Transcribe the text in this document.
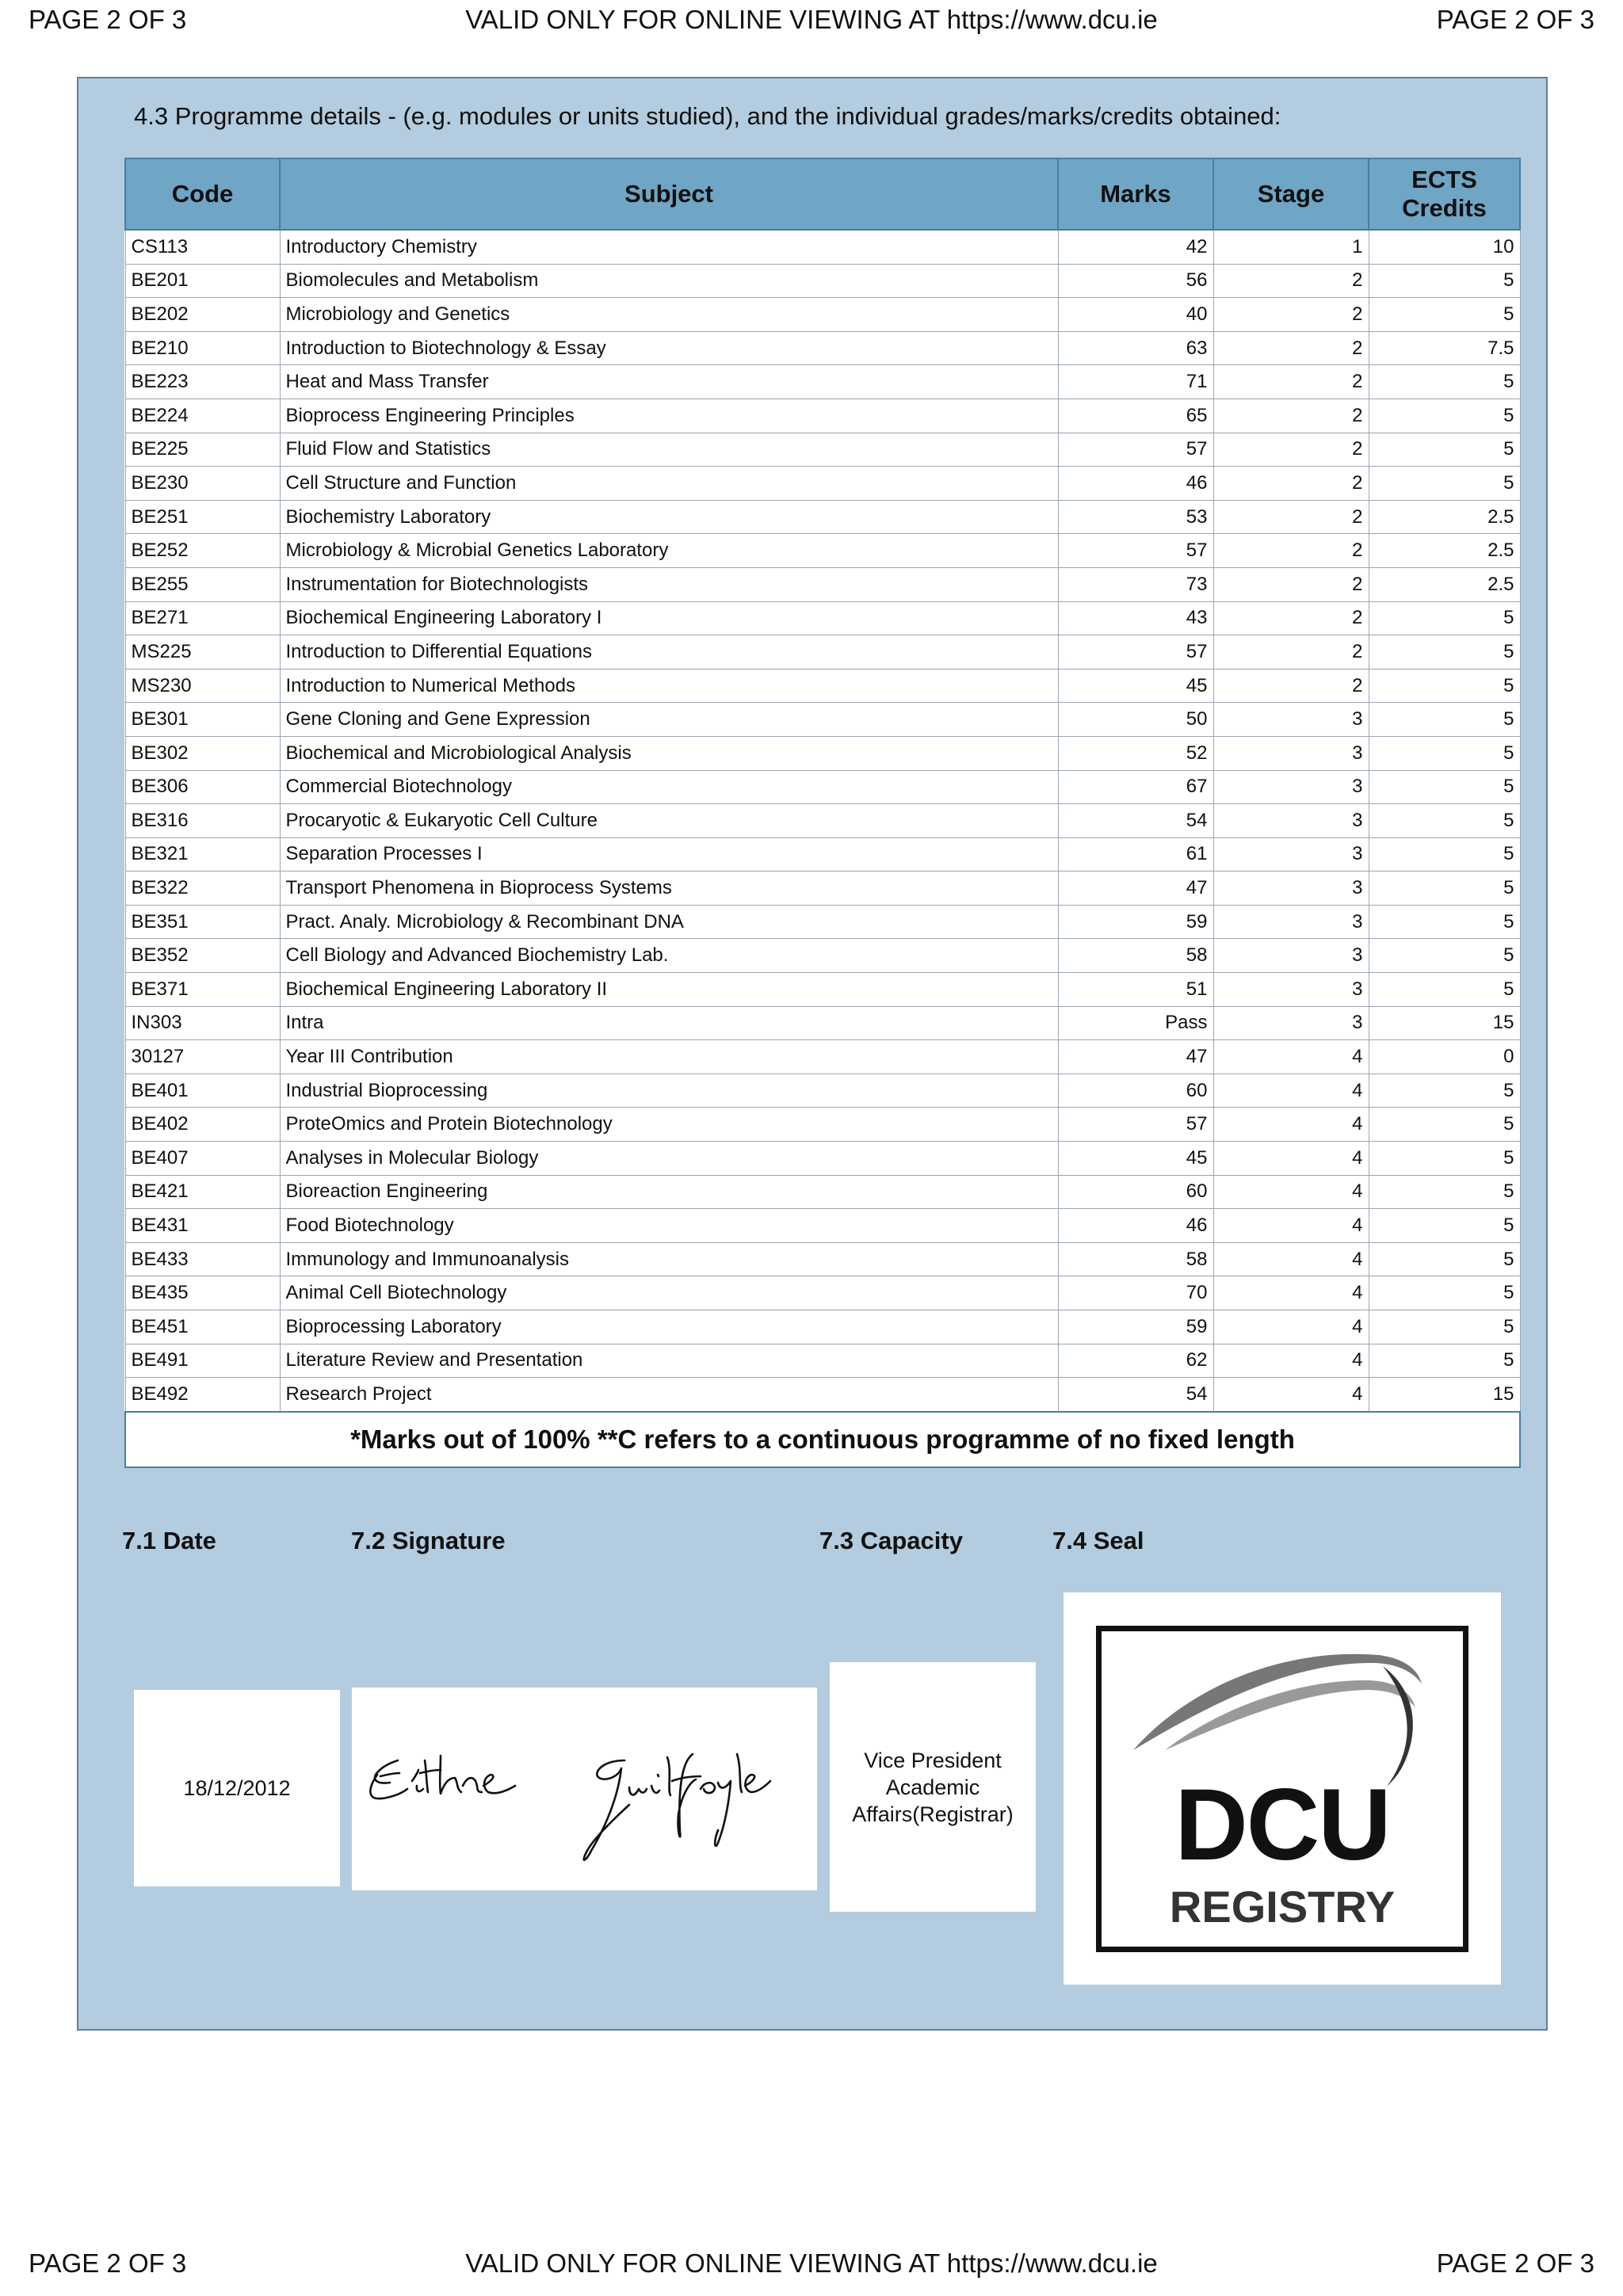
PAGE 2 OF 3	VALID ONLY FOR ONLINE VIEWING AT https://www.dcu.ie	PAGE 2 OF 3
4.3 Programme details - (e.g. modules or units studied), and the individual grades/marks/credits obtained:
Code	Subject	Marks	Stage	ECTS
Credits
CS113	Introductory Chemistry	42	1	10
BE201	Biomolecules and Metabolism	56	2	5
BE202	Microbiology and Genetics	40	2	5
BE210	Introduction to Biotechnology & Essay	63	2	7.5
BE223	Heat and Mass Transfer	71	2	5
BE224	Bioprocess Engineering Principles	65	2	5
BE225	Fluid Flow and Statistics	57	2	5
BE230	Cell Structure and Function	46	2	5
BE251	Biochemistry Laboratory	53	2	2.5
BE252	Microbiology & Microbial Genetics Laboratory	57	2	2.5
BE255	Instrumentation for Biotechnologists	73	2	2.5
BE271	Biochemical Engineering Laboratory I	43	2	5
MS225	Introduction to Differential Equations	57	2	5
MS230	Introduction to Numerical Methods	45	2	5
BE301	Gene Cloning and Gene Expression	50	3	5
BE302	Biochemical and Microbiological Analysis	52	3	5
BE306	Commercial Biotechnology	67	3	5
BE316	Procaryotic & Eukaryotic Cell Culture	54	3	5
BE321	Separation Processes I	61	3	5
BE322	Transport Phenomena in Bioprocess Systems	47	3	5
BE351	Pract. Analy. Microbiology & Recombinant DNA	59	3	5
BE352	Cell Biology and Advanced Biochemistry Lab.	58	3	5
BE371	Biochemical Engineering Laboratory II	51	3	5
IN303	Intra	Pass	3	15
30127	Year III Contribution	47	4	0
BE401	Industrial Bioprocessing	60	4	5
BE402	ProteOmics and Protein Biotechnology	57	4	5
BE407	Analyses in Molecular Biology	45	4	5
BE421	Bioreaction Engineering	60	4	5
BE431	Food Biotechnology	46	4	5
BE433	Immunology and Immunoanalysis	58	4	5
BE435	Animal Cell Biotechnology	70	4	5
BE451	Bioprocessing Laboratory	59	4	5
BE491	Literature Review and Presentation	62	4	5
BE492	Research Project	54	4	15
*Marks out of 100% **C refers to a continuous programme of no fixed length				
7.1 Date	7.2 Signature	7.3 Capacity	7.4 Seal
18/12/2012
Vice President Academic Affairs(Registrar)	DCU
REGISTRY
PAGE 2 OF 3	VALID ONLY FOR ONLINE VIEWING AT https://www.dcu.ie	PAGE 2 OF 3
